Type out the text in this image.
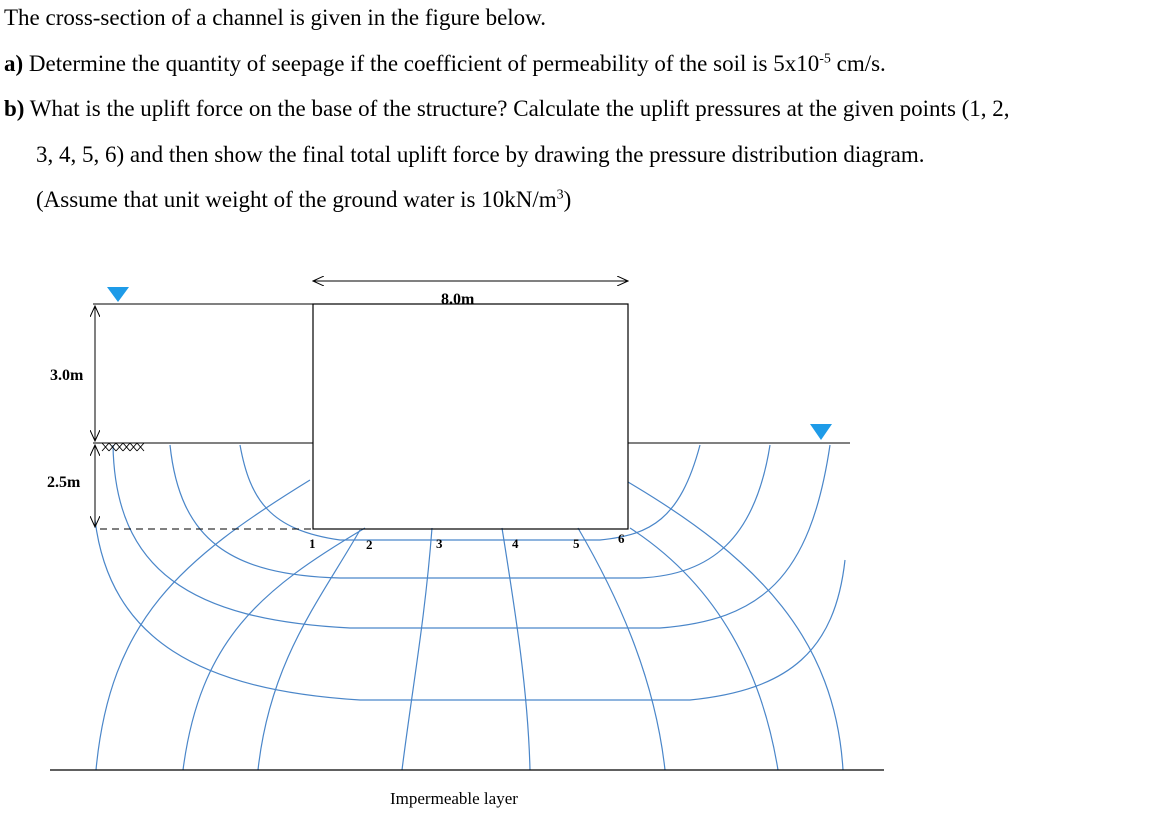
The cross-section of a channel is given in the figure below.
a) Determine the quantity of seepage if the coefficient of permeability of the soil is $5x10^{-5}$ cm/s.
b) What is the uplift force on the base of the structure? Calculate the uplift pressures at the given points (1, 2,
3, 4, 5, 6) and then show the final total uplift force by drawing the pressure distribution diagram.
(Assume that unit weight of the ground water is $10kN/m^3$)
8.0m
3.0m
2.5m
1	2	3	4	5	6
Impermeable layer
